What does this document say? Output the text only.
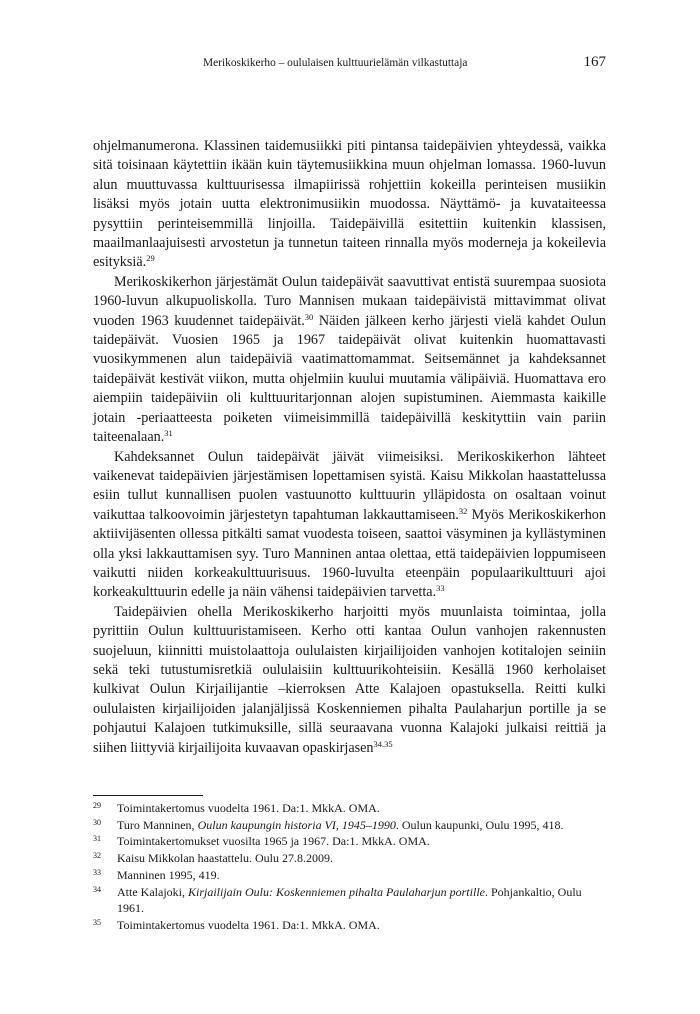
Merikoskikerho – oululaisen kulttuurielämän vilkastuttaja	167

ohjelmanumerona. Klassinen taidemusiikki piti pintansa taidepäivien yhteydessä, vaikka sitä toisinaan käytettiin ikään kuin täytemusiikkina muun ohjelman lomassa. 1960-luvun alun muuttuvassa kulttuurisessa ilmapiirissä rohjettiin kokeilla perinteisen musiikin lisäksi myös jotain uutta elektronimusiikin muodossa. Näyttämö- ja kuvataiteessa pysyttiin perinteisemmillä linjoilla. Taidepäivillä esitettiin kuitenkin klassisen, maailmanlaajuisesti arvostetun ja tunnetun taiteen rinnalla myös moderneja ja kokeilevia esityksiä.$^{29}$

Merikoskikerhon järjestämät Oulun taidepäivät saavuttivat entistä suurempaa suosiota 1960-luvun alkupuoliskolla. Turo Mannisen mukaan taidepäivistä mittavimmat olivat vuoden 1963 kuudennet taidepäivät.$^{30}$ Näiden jälkeen kerho järjesti vielä kahdet Oulun taidepäivät. Vuosien 1965 ja 1967 taidepäivät olivat kuitenkin huomattavasti vuosikymmenen alun taidepäiviä vaatimattomammat. Seitsemännet ja kahdeksannet taidepäivät kestivät viikon, mutta ohjelmiin kuului muutamia välipäiviä. Huomattava ero aiempiin taidepäiviin oli kulttuuritarjonnan alojen supistuminen. Aiemmasta kaikille jotain -periaatteesta poiketen viimeisimmillä taidepäivillä keskityttiin vain pariin taiteenalaan.$^{31}$

Kahdeksannet Oulun taidepäivät jäivät viimeisiksi. Merikoskikerhon lähteet vaikenevat taidepäivien järjestämisen lopettamisen syistä. Kaisu Mikkolan haastattelussa esiin tullut kunnallisen puolen vastuunotto kulttuurin ylläpidosta on osaltaan voinut vaikuttaa talkoovoimin järjestetyn tapahtuman lakkauttamiseen.$^{32}$ Myös Merikoskikerhon aktiivijäsenten ollessa pitkälti samat vuodesta toiseen, saattoi väsyminen ja kyllästyminen olla yksi lakkauttamisen syy. Turo Manninen antaa olettaa, että taidepäivien loppumiseen vaikutti niiden korkeakulttuurisuus. 1960-luvulta eteenpäin populaarikulttuuri ajoi korkeakulttuurin edelle ja näin vähensi taidepäivien tarvetta.$^{33}$

Taidepäivien ohella Merikoskikerho harjoitti myös muunlaista toimintaa, jolla pyrittiin Oulun kulttuuristamiseen. Kerho otti kantaa Oulun vanhojen rakennusten suojeluun, kiinnitti muistolaattoja oululaisten kirjailijoiden vanhojen kotitalojen seiniin sekä teki tutustumisretkiä oululaisiin kulttuurikohteisiin. Kesällä 1960 kerholaiset kulkivat Oulun Kirjailijantie –kierroksen Atte Kalajoen opastuksella. Reitti kulki oululaisten kirjailijoiden jalanjäljissä Koskenniemen pihalta Paulaharjun portille ja se pohjautui Kalajoen tutkimuksille, sillä seuraavana vuonna Kalajoki julkaisi reittiä ja siihen liittyviä kirjailijoita kuvaavan opaskirjasen$^{34.35}$

29 Toimintakertomus vuodelta 1961. Da:1. MkkA. OMA.
30 Turo Manninen, Oulun kaupungin historia VI, 1945–1990. Oulun kaupunki, Oulu 1995, 418.
31 Toimintakertomukset vuosilta 1965 ja 1967. Da:1. MkkA. OMA.
32 Kaisu Mikkolan haastattelu. Oulu 27.8.2009.
33 Manninen 1995, 419.
34 Atte Kalajoki, Kirjailijain Oulu: Koskenniemen pihalta Paulaharjun portille. Pohjankaltio, Oulu 1961.
35 Toimintakertomus vuodelta 1961. Da:1. MkkA. OMA.
